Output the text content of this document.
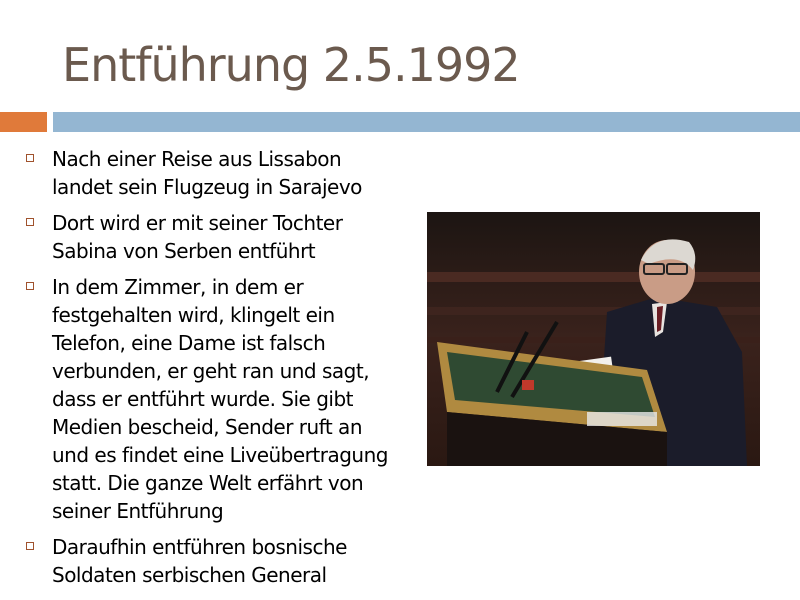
Entführung 2.5.1992
Nach einer Reise aus Lissabon landet sein Flugzeug in Sarajevo
Dort wird er mit seiner Tochter Sabina von Serben entführt
In dem Zimmer, in dem er festgehalten wird, klingelt ein Telefon, eine Dame ist falsch verbunden, er geht ran und sagt, dass er entführt wurde. Sie gibt Medien bescheid, Sender ruft an und es findet eine Liveübertragung statt. Die ganze Welt erfährt von seiner Entführung
Daraufhin entführen bosnische Soldaten serbischen General
